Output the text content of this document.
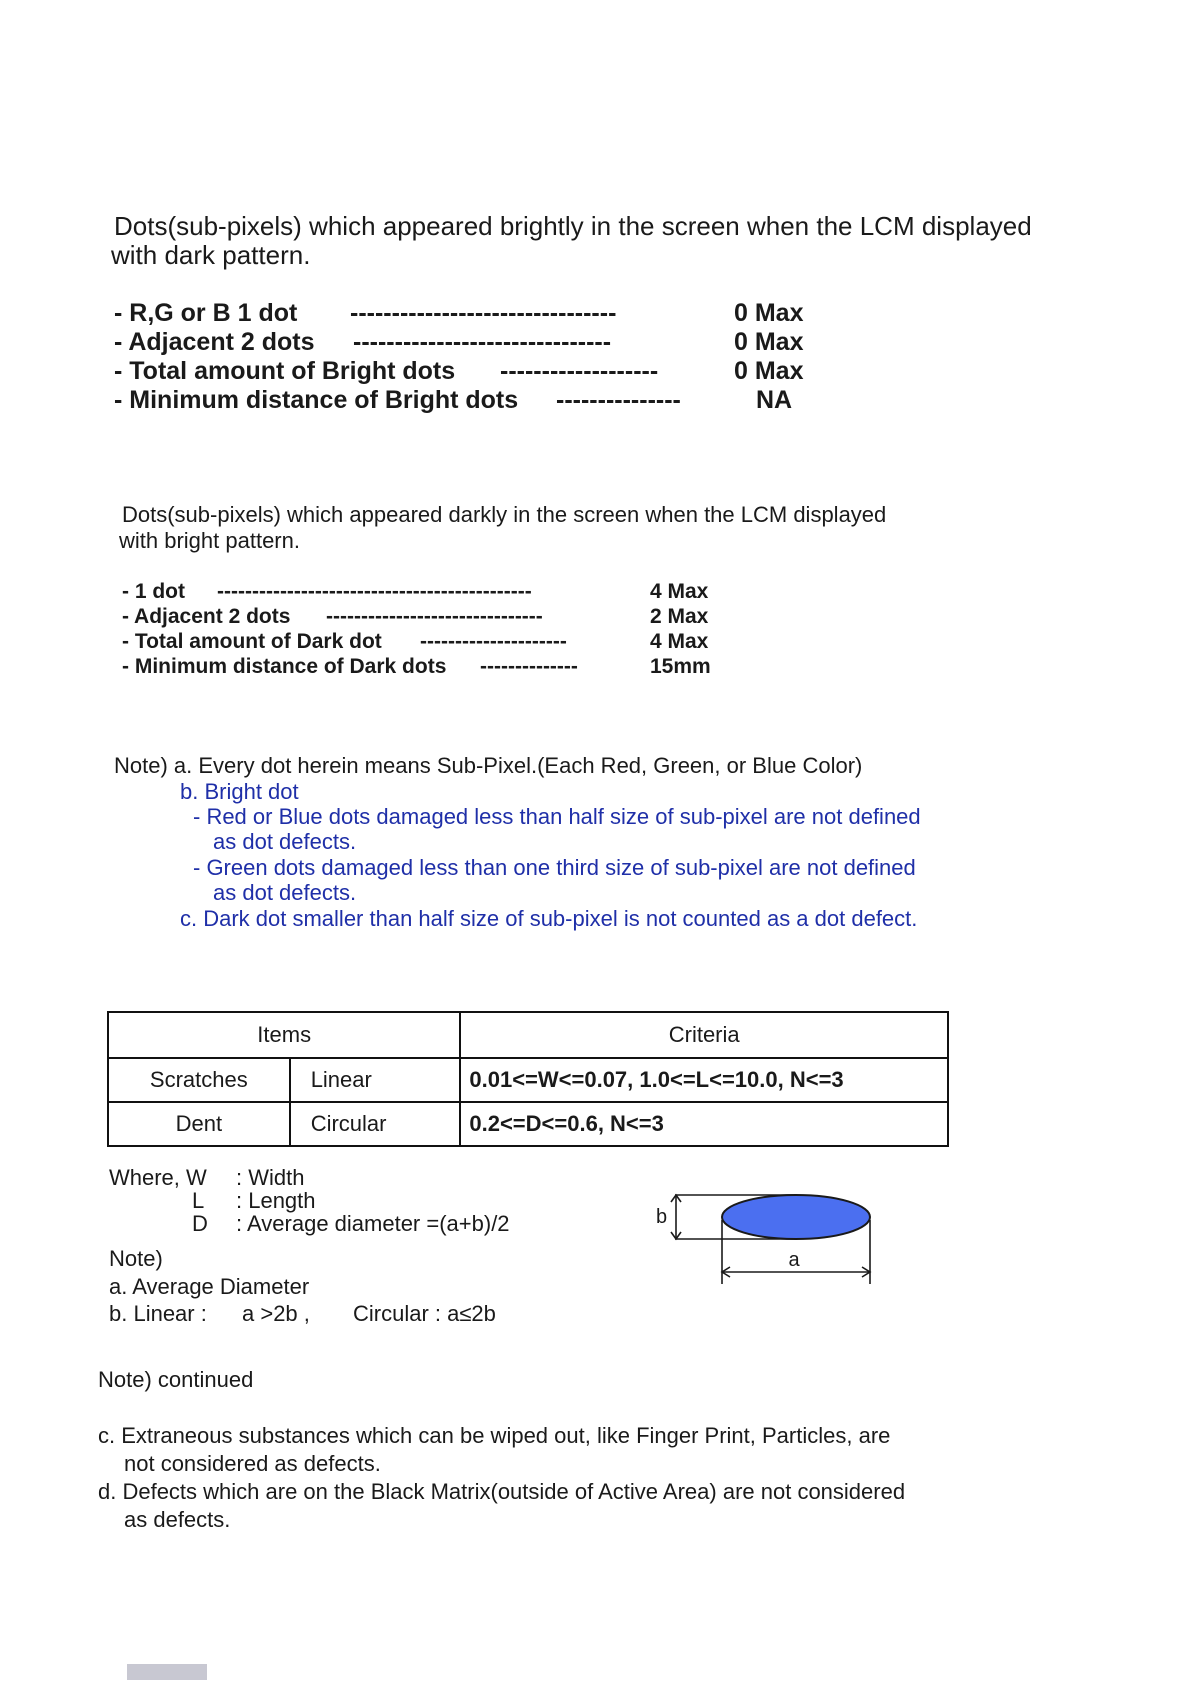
Dots(sub-pixels) which appeared brightly in the screen when the LCM displayed
with dark pattern.
- R,G or B 1 dot --------------------------------	0 Max
- Adjacent 2 dots -------------------------------	0 Max
- Total amount of Bright dots -------------------	0 Max
- Minimum distance of Bright dots ---------------	NA
Dots(sub-pixels) which appeared darkly in the screen when the LCM displayed
with bright pattern.
- 1 dot ---------------------------------------------	4 Max
- Adjacent 2 dots -------------------------------	2 Max
- Total amount of Dark dot ---------------------	4 Max
- Minimum distance of Dark dots --------------	15mm
Note) a. Every dot herein means Sub-Pixel.(Each Red, Green, or Blue Color)
b. Bright dot
- Red or Blue dots damaged less than half size of sub-pixel are not defined
as dot defects.
- Green dots damaged less than one third size of sub-pixel are not defined
as dot defects.
c. Dark dot smaller than half size of sub-pixel is not counted as a dot defect.
Items		Criteria
Scratches	Linear	0.01<=W<=0.07, 1.0<=L<=10.0, N<=3
Dent	Circular	0.2<=D<=0.6, N<=3
Where, W : Width
L : Length
D : Average diameter =(a+b)/2
Note)
a. Average Diameter
b. Linear : a >2b , Circular : a≤2b
b
a
Note) continued
c. Extraneous substances which can be wiped out, like Finger Print, Particles, are
not considered as defects.
d. Defects which are on the Black Matrix(outside of Active Area) are not considered
as defects.
